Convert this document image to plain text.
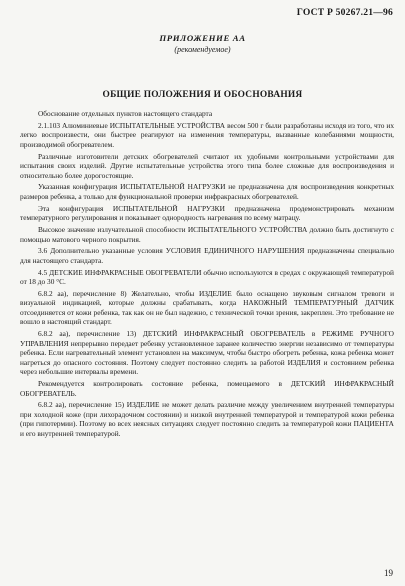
ГОСТ Р 50267.21—96
ПРИЛОЖЕНИЕ АА
(рекомендуемое)
ОБЩИЕ ПОЛОЖЕНИЯ И ОБОСНОВАНИЯ

Обоснование отдельных пунктов настоящего стандарта

2.1.103 Алюминиевые ИСПЫТАТЕЛЬНЫЕ УСТРОЙСТВА весом 500 г были разработаны исходя из того, что их легко воспроизвести, они быстрее реагируют на изменения температуры, вызванные колебаниями мощности, производимой обогревателем.

Различные изготовители детских обогревателей считают их удобными контрольными устройствами для испытания своих изделий. Другие испытательные устройства этого типа более сложные для воспроизведения и относительно более дорогостоящие.

Указанная конфигурация ИСПЫТАТЕЛЬНОЙ НАГРУЗКИ не предназначена для воспроизведения конкретных размеров ребенка, а только для функциональной проверки инфракрасных обогревателей.

Эта конфигурация ИСПЫТАТЕЛЬНОЙ НАГРУЗКИ предназначена продемонстрировать механизм температурного регулирования и показывает однородность нагревания по всему матрацу.

Высокое значение излучательной способности ИСПЫТАТЕЛЬНОГО УСТРОЙСТВА должно быть достигнуто с помощью матового черного покрытия.

3.6 Дополнительно указанные условия УСЛОВИЯ ЕДИНИЧНОГО НАРУШЕНИЯ предназначены специально для настоящего стандарта.

4.5 ДЕТСКИЕ ИНФРАКРАСНЫЕ ОБОГРЕВАТЕЛИ обычно используются в средах с окружающей температурой от 18 до 30 °С.

6.8.2 аа), перечисление 8) Желательно, чтобы ИЗДЕЛИЕ было оснащено звуковым сигналом тревоги и визуальной индикацией, которые должны срабатывать, когда НАКОЖНЫЙ ТЕМПЕРАТУРНЫЙ ДАТЧИК отсоединяется от кожи ребенка, так как он не был надежно, с технической точки зрения, закреплен. Это требование не вошло в настоящий стандарт.

6.8.2 аа), перечисление 13) ДЕТСКИЙ ИНФРАКРАСНЫЙ ОБОГРЕВАТЕЛЬ в РЕЖИМЕ РУЧНОГО УПРАВЛЕНИЯ непрерывно передает ребенку установленное заранее количество энергии независимо от температуры ребенка. Если нагревательный элемент установлен на максимум, чтобы быстро обогреть ребенка, кожа ребенка может нагреться до опасного состояния. Поэтому следует постоянно следить за работой ИЗДЕЛИЯ и состоянием ребенка через небольшие интервалы времени.

Рекомендуется контролировать состояние ребенка, помещаемого в ДЕТСКИЙ ИНФРАКРАСНЫЙ ОБОГРЕВАТЕЛЬ.

6.8.2 аа), перечисление 15) ИЗДЕЛИЕ не может делать различие между увеличением внутренней температуры при холодной коже (при лихорадочном состоянии) и низкой внутренней температурой и температурой кожи ребенка (при гипотермии). Поэтому во всех неясных ситуациях следует постоянно следить за температурой кожи ПАЦИЕНТА и его внутренней температурой.

19
